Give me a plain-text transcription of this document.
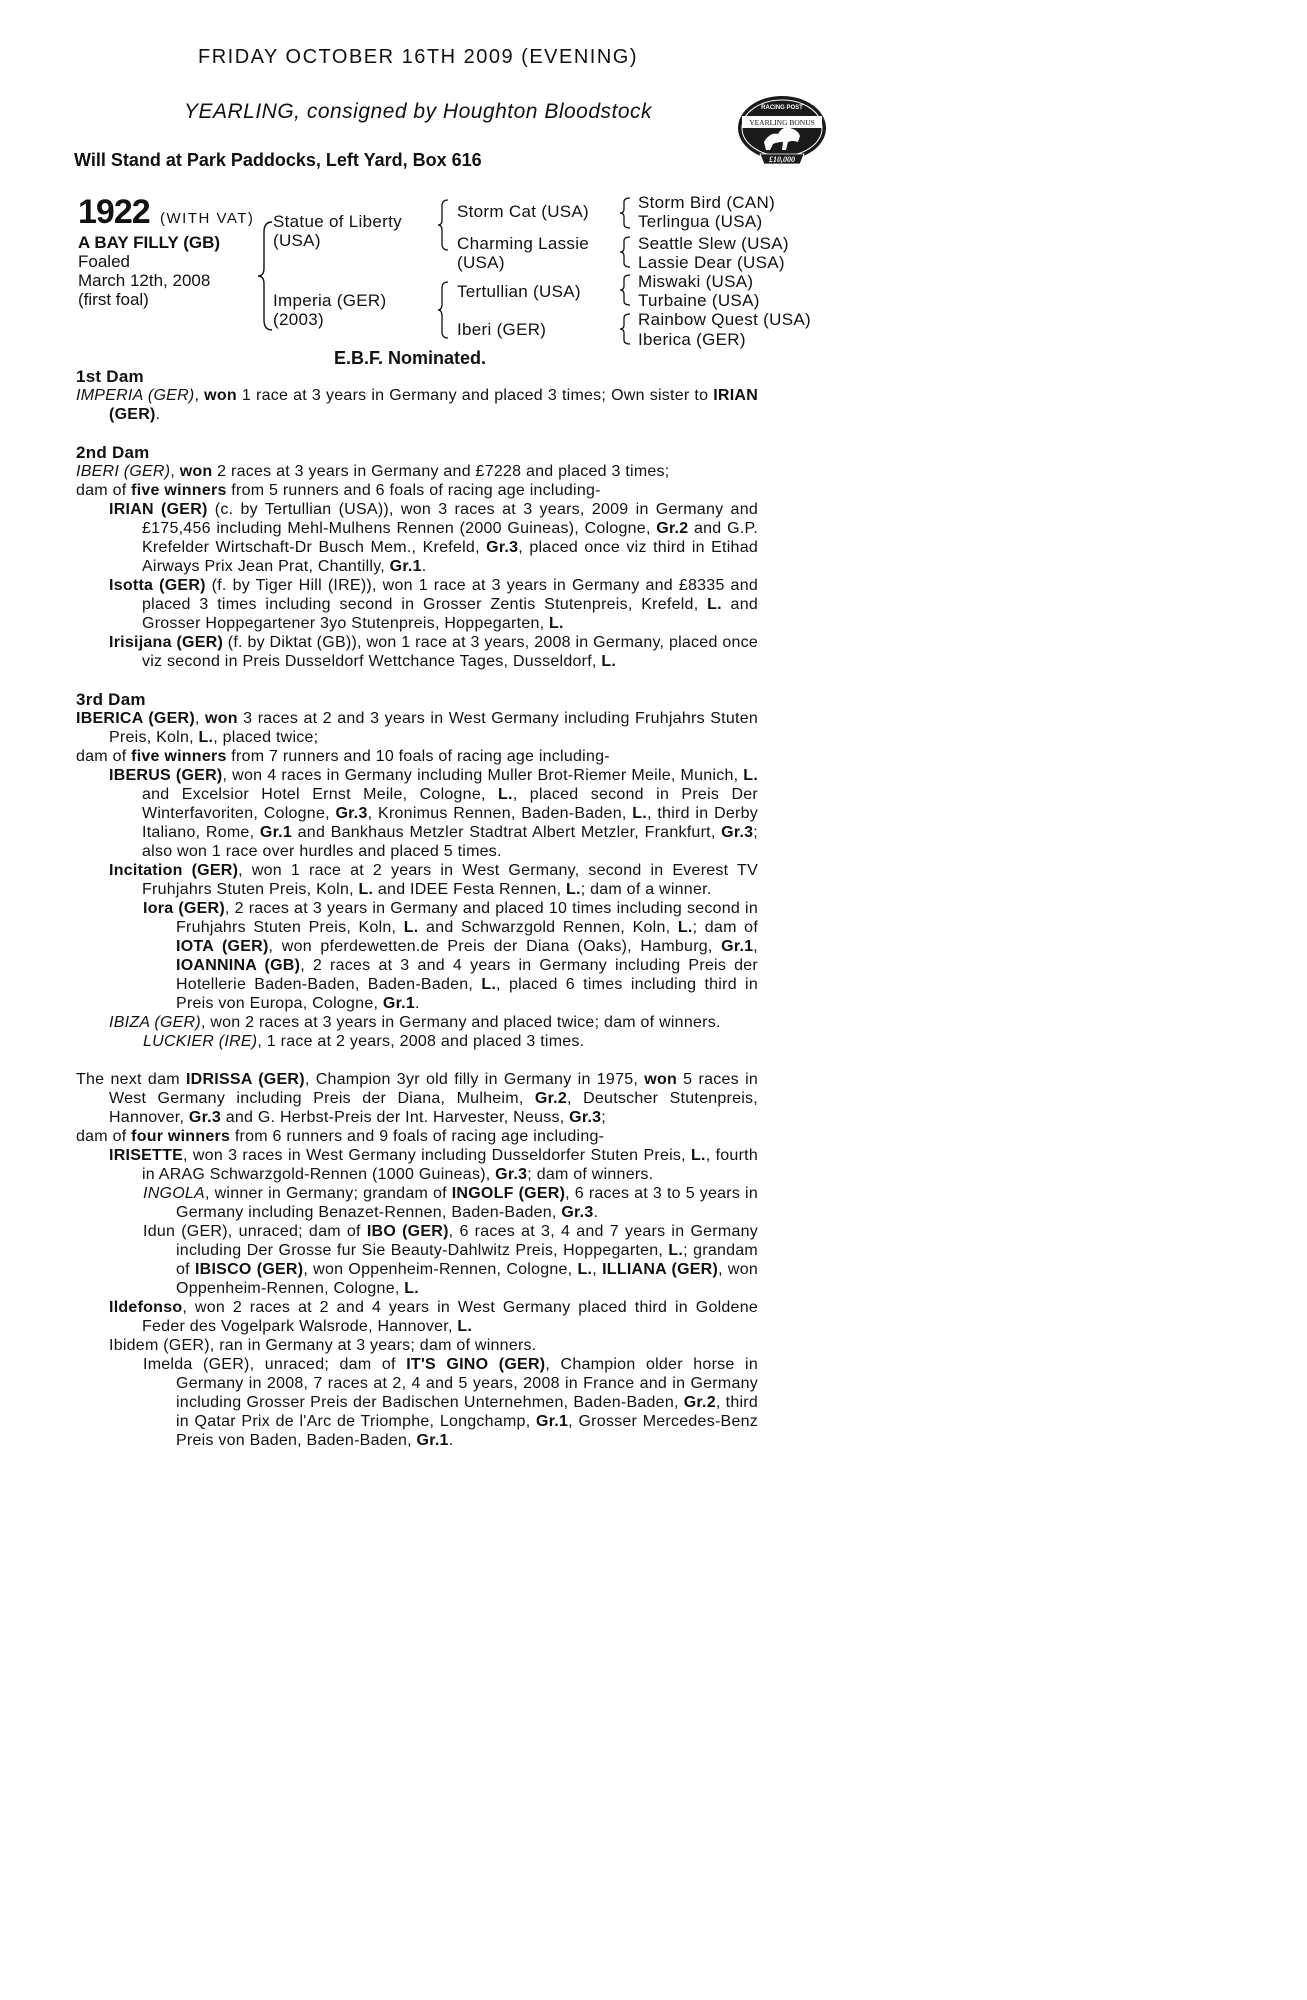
FRIDAY OCTOBER 16TH 2009 (EVENING)
YEARLING, consigned by Houghton Bloodstock
Will Stand at Park Paddocks, Left Yard, Box 616
RACING POST
YEARLING BONUS
£10,000
1922 (WITH VAT)
A BAY FILLY (GB)
Foaled
March 12th, 2008
(first foal)
Statue of Liberty
(USA)
Imperia (GER)
(2003)
Storm Cat (USA)
Charming Lassie
(USA)
Tertullian (USA)
Iberi (GER)
Storm Bird (CAN)
Terlingua (USA)
Seattle Slew (USA)
Lassie Dear (USA)
Miswaki (USA)
Turbaine (USA)
Rainbow Quest (USA)
Iberica (GER)
E.B.F. Nominated.

1st Dam

IMPERIA (GER), won 1 race at 3 years in Germany and placed 3 times; Own sister to IRIAN (GER).

2nd Dam

IBERI (GER), won 2 races at 3 years in Germany and £7228 and placed 3 times;

dam of five winners from 5 runners and 6 foals of racing age including-

IRIAN (GER) (c. by Tertullian (USA)), won 3 races at 3 years, 2009 in Germany and £175,456 including Mehl-Mulhens Rennen (2000 Guineas), Cologne, Gr.2 and G.P. Krefelder Wirtschaft-Dr Busch Mem., Krefeld, Gr.3, placed once viz third in Etihad Airways Prix Jean Prat, Chantilly, Gr.1.

Isotta (GER) (f. by Tiger Hill (IRE)), won 1 race at 3 years in Germany and £8335 and placed 3 times including second in Grosser Zentis Stutenpreis, Krefeld, L. and Grosser Hoppegartener 3yo Stutenpreis, Hoppegarten, L.

Irisijana (GER) (f. by Diktat (GB)), won 1 race at 3 years, 2008 in Germany, placed once viz second in Preis Dusseldorf Wettchance Tages, Dusseldorf, L.

3rd Dam

IBERICA (GER), won 3 races at 2 and 3 years in West Germany including Fruhjahrs Stuten Preis, Koln, L., placed twice;

dam of five winners from 7 runners and 10 foals of racing age including-

IBERUS (GER), won 4 races in Germany including Muller Brot-Riemer Meile, Munich, L. and Excelsior Hotel Ernst Meile, Cologne, L., placed second in Preis Der Winterfavoriten, Cologne, Gr.3, Kronimus Rennen, Baden-Baden, L., third in Derby Italiano, Rome, Gr.1 and Bankhaus Metzler Stadtrat Albert Metzler, Frankfurt, Gr.3; also won 1 race over hurdles and placed 5 times.

Incitation (GER), won 1 race at 2 years in West Germany, second in Everest TV Fruhjahrs Stuten Preis, Koln, L. and IDEE Festa Rennen, L.; dam of a winner.

Iora (GER), 2 races at 3 years in Germany and placed 10 times including second in Fruhjahrs Stuten Preis, Koln, L. and Schwarzgold Rennen, Koln, L.; dam of IOTA (GER), won pferdewetten.de Preis der Diana (Oaks), Hamburg, Gr.1, IOANNINA (GB), 2 races at 3 and 4 years in Germany including Preis der Hotellerie Baden-Baden, Baden-Baden, L., placed 6 times including third in Preis von Europa, Cologne, Gr.1.

IBIZA (GER), won 2 races at 3 years in Germany and placed twice; dam of winners.

LUCKIER (IRE), 1 race at 2 years, 2008 and placed 3 times.

The next dam IDRISSA (GER), Champion 3yr old filly in Germany in 1975, won 5 races in West Germany including Preis der Diana, Mulheim, Gr.2, Deutscher Stutenpreis, Hannover, Gr.3 and G. Herbst-Preis der Int. Harvester, Neuss, Gr.3;

dam of four winners from 6 runners and 9 foals of racing age including-

IRISETTE, won 3 races in West Germany including Dusseldorfer Stuten Preis, L., fourth in ARAG Schwarzgold-Rennen (1000 Guineas), Gr.3; dam of winners.

INGOLA, winner in Germany; grandam of INGOLF (GER), 6 races at 3 to 5 years in Germany including Benazet-Rennen, Baden-Baden, Gr.3.

Idun (GER), unraced; dam of IBO (GER), 6 races at 3, 4 and 7 years in Germany including Der Grosse fur Sie Beauty-Dahlwitz Preis, Hoppegarten, L.; grandam of IBISCO (GER), won Oppenheim-Rennen, Cologne, L., ILLIANA (GER), won Oppenheim-Rennen, Cologne, L.

Ildefonso, won 2 races at 2 and 4 years in West Germany placed third in Goldene Feder des Vogelpark Walsrode, Hannover, L.

Ibidem (GER), ran in Germany at 3 years; dam of winners.

Imelda (GER), unraced; dam of IT'S GINO (GER), Champion older horse in Germany in 2008, 7 races at 2, 4 and 5 years, 2008 in France and in Germany including Grosser Preis der Badischen Unternehmen, Baden-Baden, Gr.2, third in Qatar Prix de l'Arc de Triomphe, Longchamp, Gr.1, Grosser Mercedes-Benz Preis von Baden, Baden-Baden, Gr.1.
